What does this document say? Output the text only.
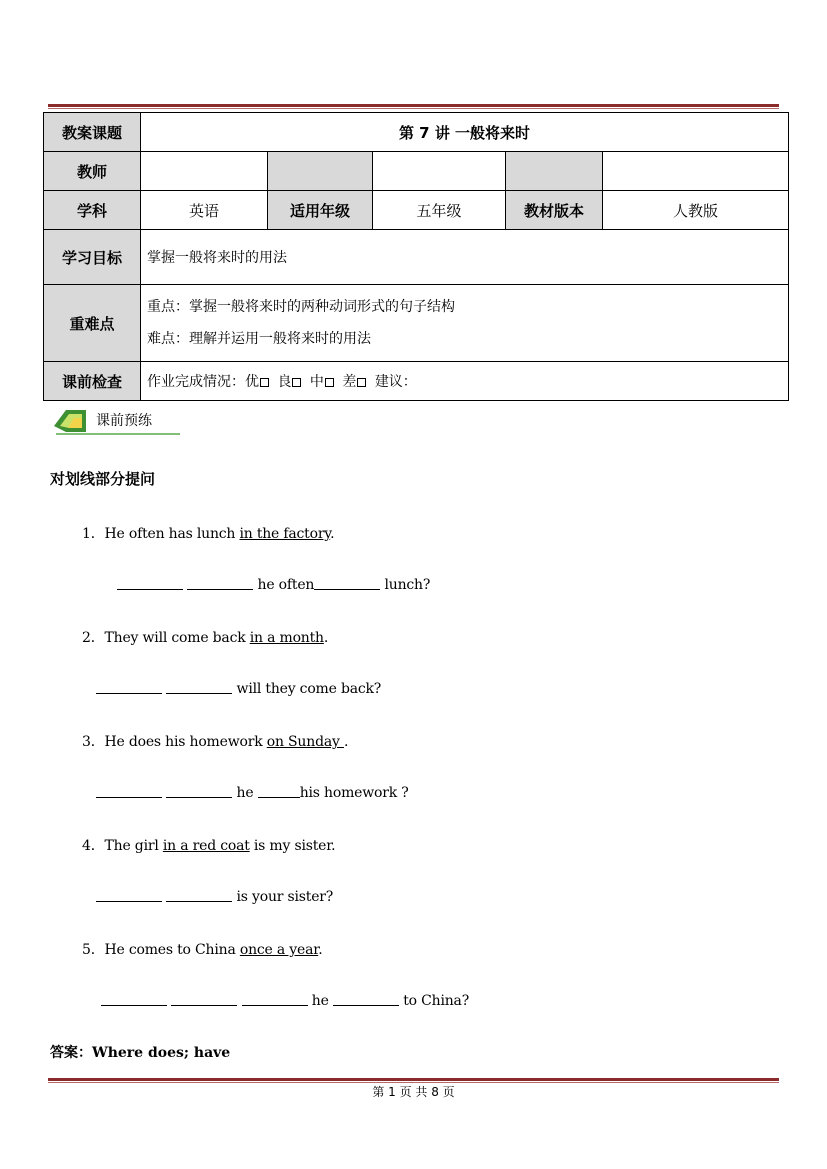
教案课题	第 7 讲 一般将来时				
教师					
学科	英语	适用年级	五年级	教材版本	人教版
学习目标	掌握一般将来时的用法				
重难点	重点：掌握一般将来时的两种动词形式的句子结构
难点：理解并运用一般将来时的用法				

课前检查	作业完成情况：优 良 中 差 建议：				
课前预练
对划线部分提问
1．He often has lunch in the factory.
he often	lunch?
2．They will come back in a month.
will they come back?
3．He does his homework on Sunday .
he	his homework ?
4．The girl in a red coat is my sister.
is your sister?
5．He comes to China once a year.
he	to China?
答案：Where does; have
第 1 页 共 8 页
